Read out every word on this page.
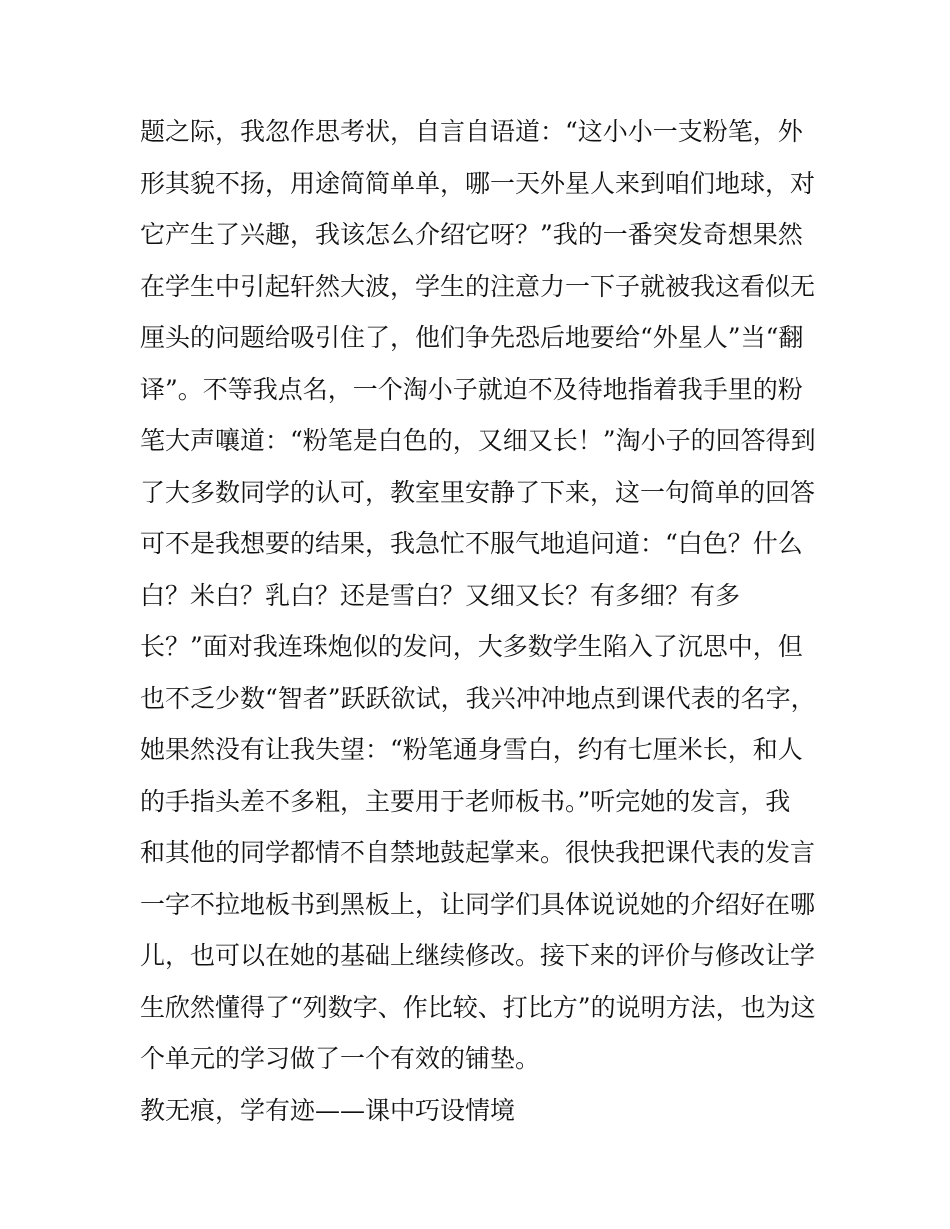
题之际，我忽作思考状，自言自语道：“这小小一支粉笔，外
形其貌不扬，用途简简单单，哪一天外星人来到咱们地球，对
它产生了兴趣，我该怎么介绍它呀？”我的一番突发奇想果然
在学生中引起轩然大波，学生的注意力一下子就被我这看似无
厘头的问题给吸引住了，他们争先恐后地要给“外星人”当“翻
译”。不等我点名，一个淘小子就迫不及待地指着我手里的粉
笔大声嚷道：“粉笔是白色的，又细又长！”淘小子的回答得到
了大多数同学的认可，教室里安静了下来，这一句简单的回答
可不是我想要的结果，我急忙不服气地追问道：“白色？什么
白？米白？乳白？还是雪白？又细又长？有多细？有多
长？”面对我连珠炮似的发问，大多数学生陷入了沉思中，但
也不乏少数“智者”跃跃欲试，我兴冲冲地点到课代表的名字，
她果然没有让我失望：“粉笔通身雪白，约有七厘米长，和人
的手指头差不多粗，主要用于老师板书。”听完她的发言，我
和其他的同学都情不自禁地鼓起掌来。很快我把课代表的发言
一字不拉地板书到黑板上，让同学们具体说说她的介绍好在哪
儿，也可以在她的基础上继续修改。接下来的评价与修改让学
生欣然懂得了“列数字、作比较、打比方”的说明方法，也为这
个单元的学习做了一个有效的铺垫。
教无痕，学有迹——课中巧设情境
